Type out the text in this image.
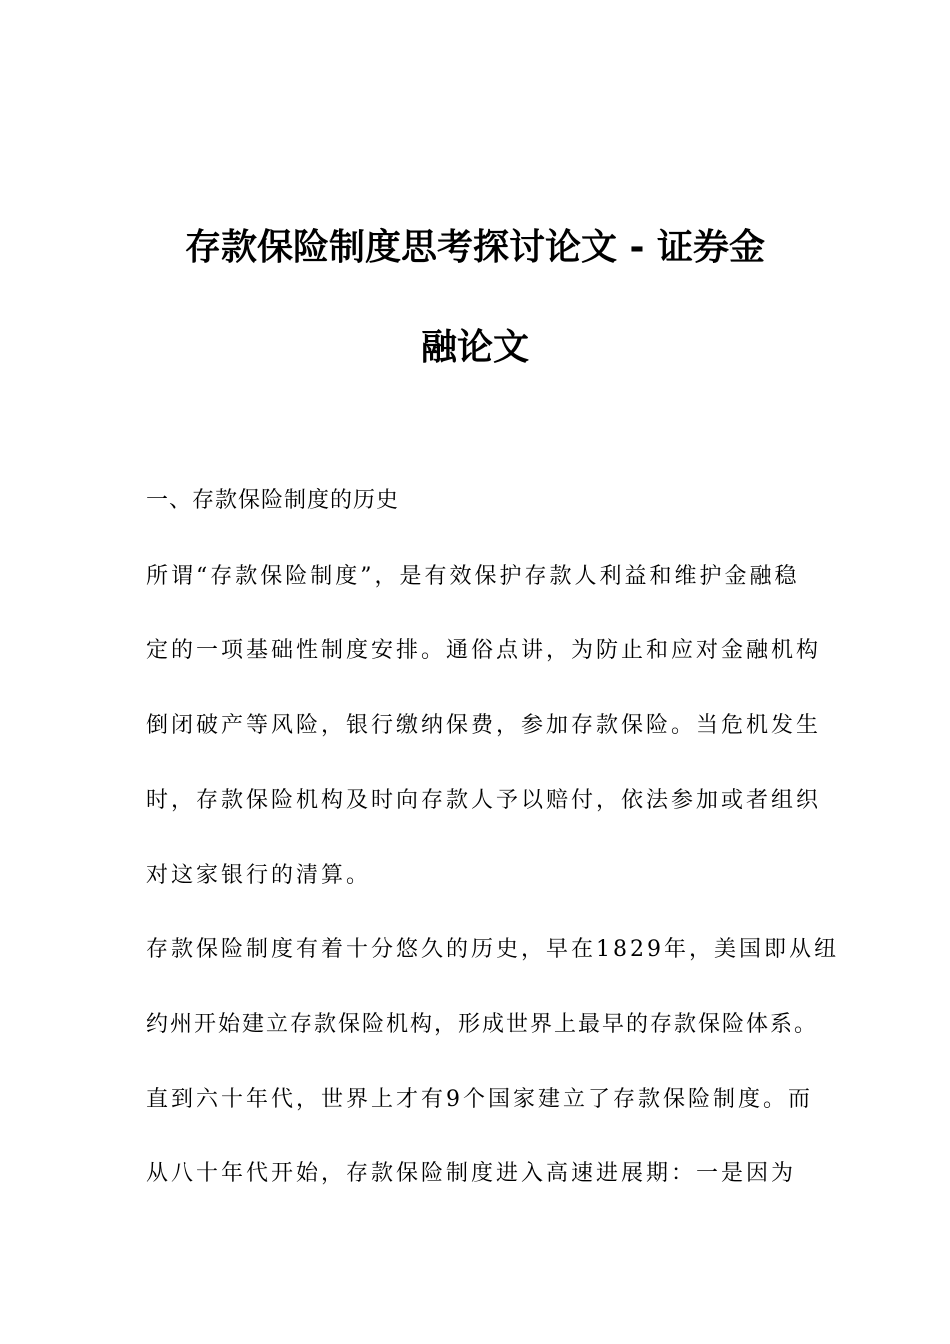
存款保险制度思考探讨论文 - 证券金
融论文
一、存款保险制度的历史
所谓“存款保险制度”，是有效保护存款人利益和维护金融稳
定的一项基础性制度安排。通俗点讲，为防止和应对金融机构
倒闭破产等风险，银行缴纳保费，参加存款保险。当危机发生
时，存款保险机构及时向存款人予以赔付，依法参加或者组织
对这家银行的清算。
存款保险制度有着十分悠久的历史，早在1829年，美国即从纽
约州开始建立存款保险机构，形成世界上最早的存款保险体系。
直到六十年代，世界上才有9个国家建立了存款保险制度。而
从八十年代开始，存款保险制度进入高速进展期：一是因为
